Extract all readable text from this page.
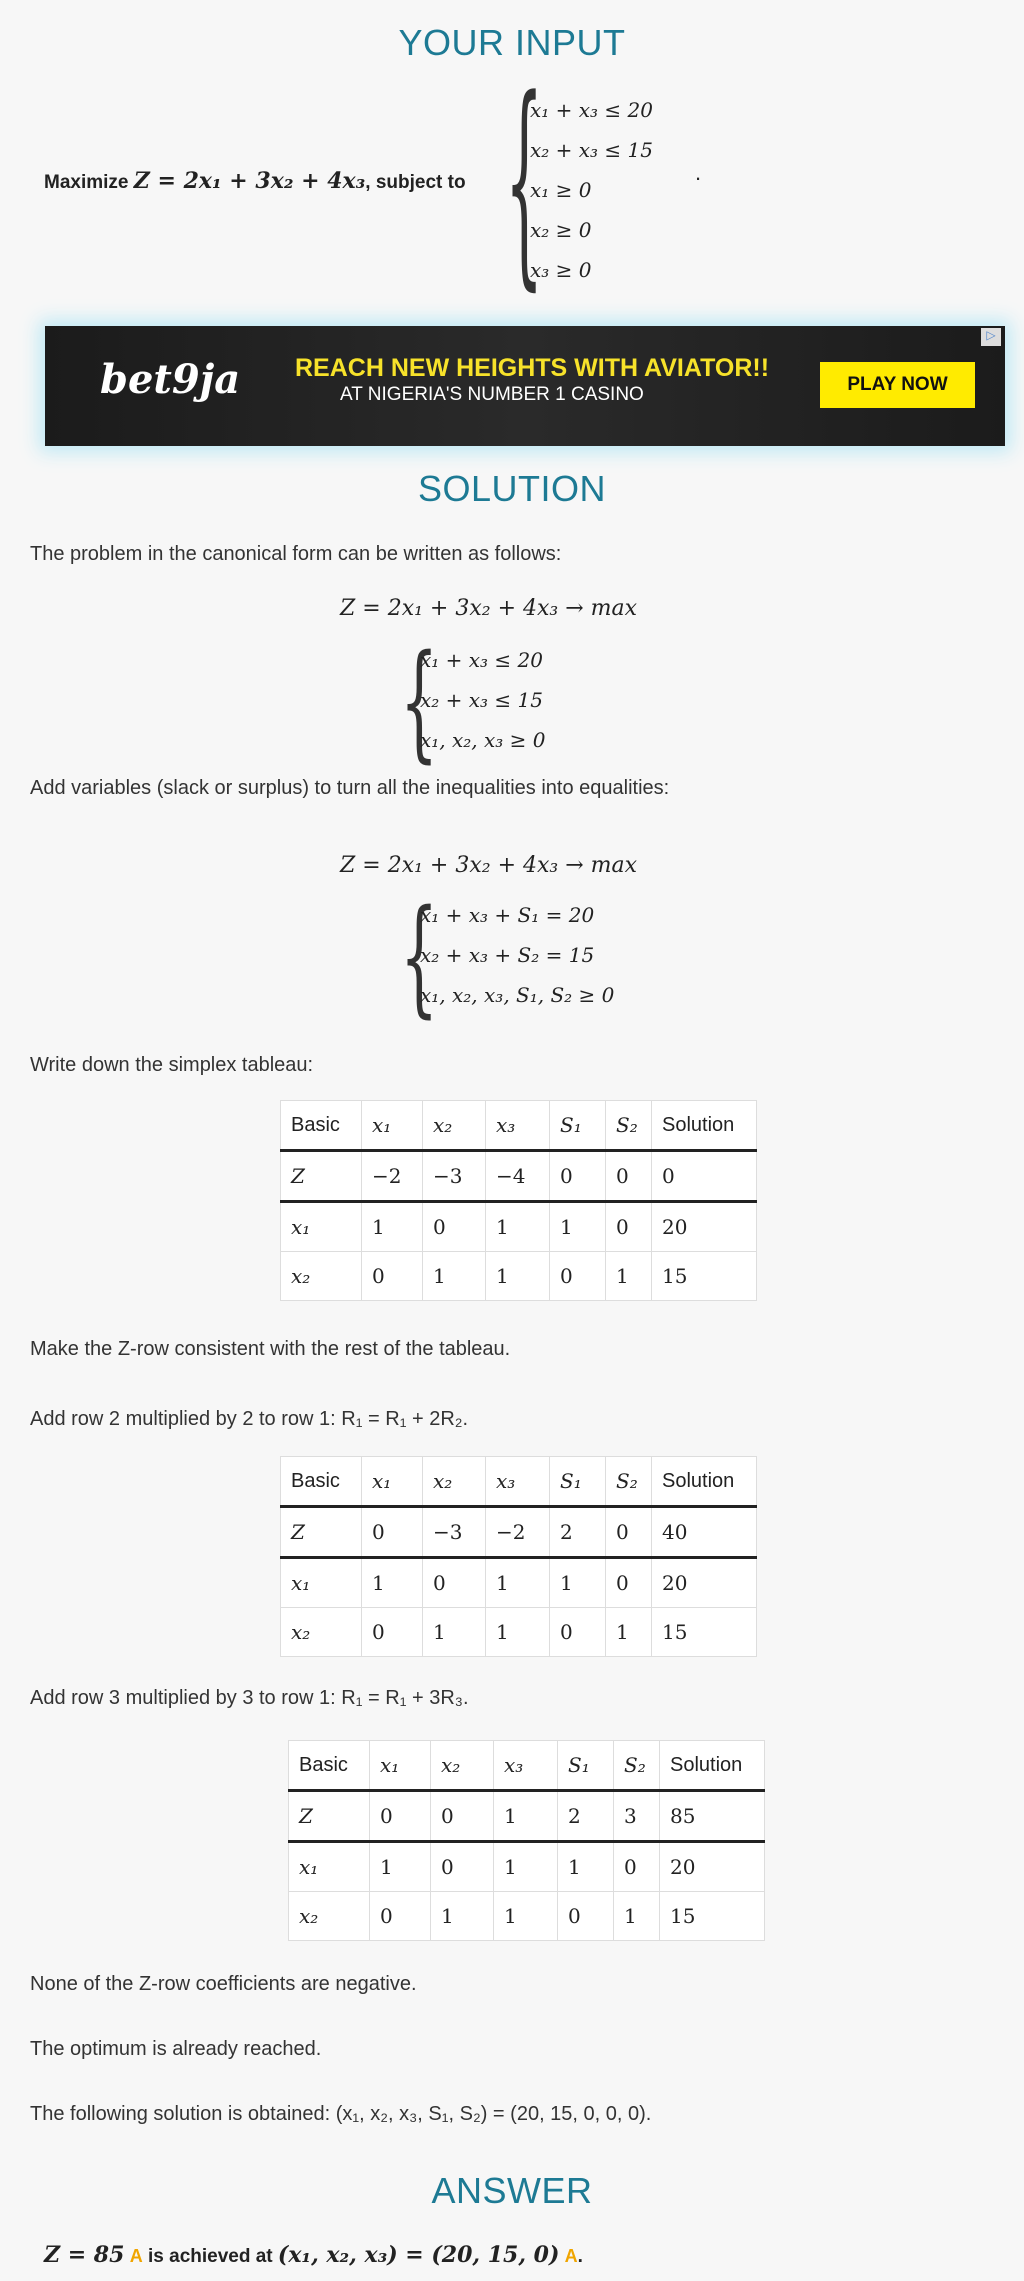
YOUR INPUT
Maximize Z = 2x₁ + 3x₂ + 4x₃, subject to {
x₁ + x₃ ≤ 20
x₂ + x₃ ≤ 15
x₁ ≥ 0
x₂ ≥ 0
x₃ ≥ 0
.
bet9ja REACH NEW HEIGHTS WITH AVIATOR!!
AT NIGERIA'S NUMBER 1 CASINO	PLAY NOW
▷
SOLUTION
The problem in the canonical form can be written as follows:
Z = 2x₁ + 3x₂ + 4x₃ → max
{
x₁ + x₃ ≤ 20
x₂ + x₃ ≤ 15
x₁, x₂, x₃ ≥ 0
Add variables (slack or surplus) to turn all the inequalities into equalities:
Z = 2x₁ + 3x₂ + 4x₃ → max
{
x₁ + x₃ + S₁ = 20
x₂ + x₃ + S₂ = 15
x₁, x₂, x₃, S₁, S₂ ≥ 0
Write down the simplex tableau:
Basic	x₁	x₂	x₃	S₁	S₂	Solution
Z	−2	−3	−4	0	0	0
x₁	1	0	1	1	0	20
x₂	0	1	1	0	1	15
Make the Z-row consistent with the rest of the tableau.
Add row 2 multiplied by 2 to row 1: R₁ = R₁ + 2R₂.
Basic	x₁	x₂	x₃	S₁	S₂	Solution
Z	0	−3	−2	2	0	40
x₁	1	0	1	1	0	20
x₂	0	1	1	0	1	15
Add row 3 multiplied by 3 to row 1: R₁ = R₁ + 3R₃.
Basic	x₁	x₂	x₃	S₁	S₂	Solution
Z	0	0	1	2	3	85
x₁	1	0	1	1	0	20
x₂	0	1	1	0	1	15
None of the Z-row coefficients are negative.
The optimum is already reached.
The following solution is obtained: (x₁, x₂, x₃, S₁, S₂) = (20, 15, 0, 0, 0).
ANSWER
Z = 85 A is achieved at (x₁, x₂, x₃) = (20, 15, 0) A.
